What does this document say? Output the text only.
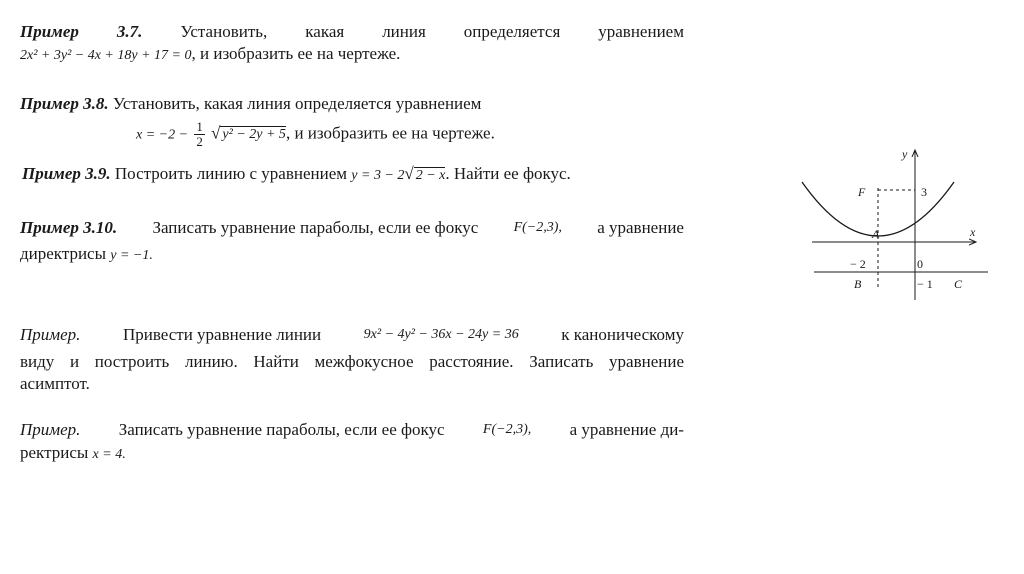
Пример 3.7. Установить, какая линия определяется уравнением
2x² + 3y² − 4x + 18y + 17 = 0, и изобразить ее на чертеже.
Пример 3.8. Установить, какая линия определяется уравнением
$x = -2 - \frac{1}{2}$ √ y² − 2y + 5, и изобразить ее на чертеже.
Пример 3.9. Построить линию с уравнением y = 3 − 2√ 2 − x. Найти ее фокус.
Пример 3.10. Записать уравнение параболы, если ее фокус	F(−2,3), а уравнение
директрисы y = −1.
Пример.	Привести уравнение линии	9x² − 4y² − 36x − 24y = 36	к каноническому
виду и построить линию. Найти межфокусное расстояние. Записать уравнение
асимптот.
Пример. Записать уравнение параболы, если ее фокус	F(−2,3), а уравнение ди-
ректрисы x = 4.
y
x
F	3
A
− 2	0
B	− 1 C
